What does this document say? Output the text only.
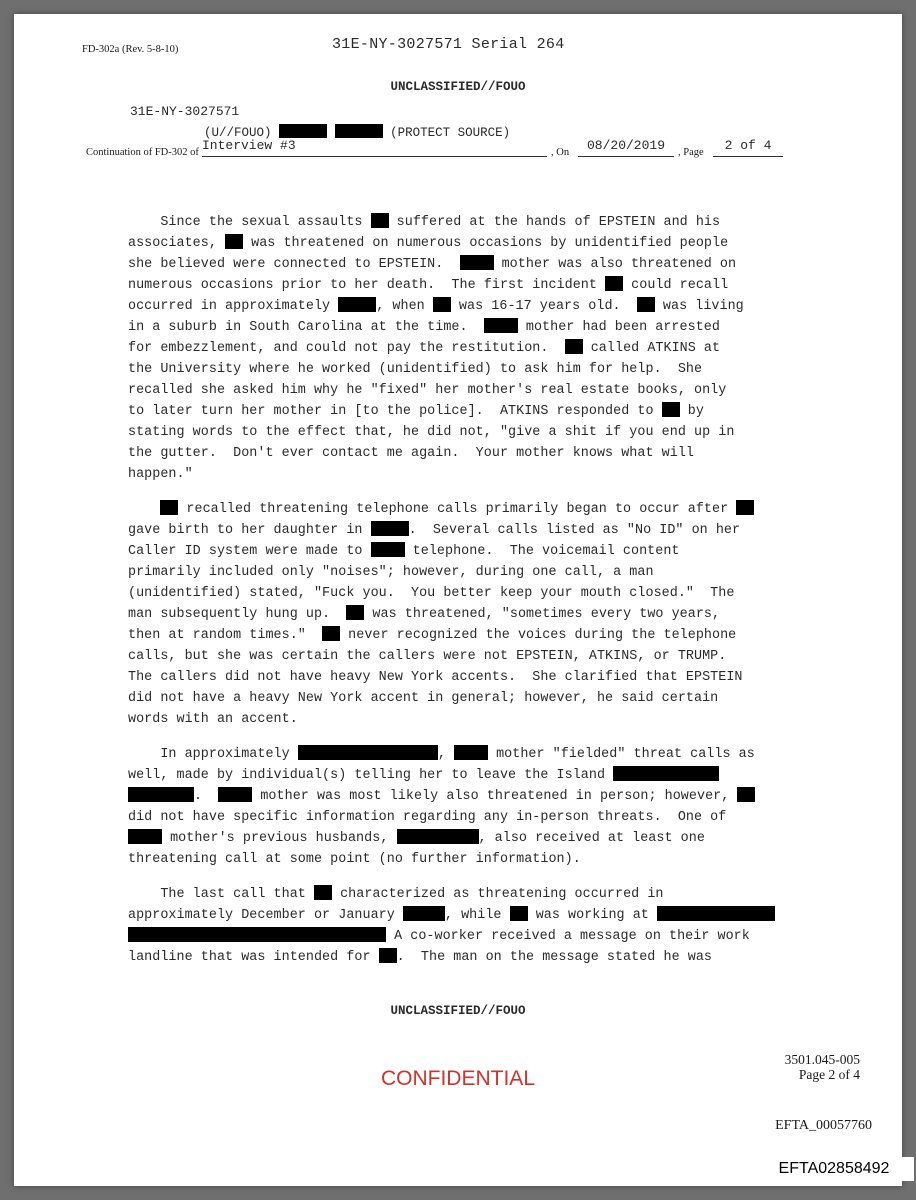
FD-302a (Rev. 5-8-10)	31E-NY-3027571 Serial 264
UNCLASSIFIED//FOUO
31E-NY-3027571
(U//FOUO)	(PROTECT SOURCE)
Continuation of FD-302 of Interview #3	, On	08/20/2019	, Page	2 of 4
Since the sexual assaults  suffered at the hands of EPSTEIN and his
associates,	was threatened on numerous occasions by unidentified people
she believed were connected to EPSTEIN.	mother was also threatened on
numerous occasions prior to her death.  The first incident	could recall
occurred in approximately	, when  was 16-17 years old.   was living
in a suburb in South Carolina at the time.	mother had been arrested
for embezzlement, and could not pay the restitution.	called ATKINS at
the University where he worked (unidentified) to ask him for help.  She
recalled she asked him why he "fixed" her mother's real estate books, only
to later turn her mother in [to the police].  ATKINS responded to	by
stating words to the effect that, he did not, "give a shit if you end up in
the gutter.  Don't ever contact me again.  Your mother knows what will
happen."
recalled threatening telephone calls primarily began to occur after
gave birth to her daughter in	.  Several calls listed as "No ID" on her
Caller ID system were made to	telephone.  The voicemail content
primarily included only "noises"; however, during one call, a man
(unidentified) stated, "Fuck you.  You better keep your mouth closed."  The
man subsequently hung up.	was threatened, "sometimes every two years,
then at random times."	never recognized the voices during the telephone
calls, but she was certain the callers were not EPSTEIN, ATKINS, or TRUMP.
The callers did not have heavy New York accents.  She clarified that EPSTEIN
did not have a heavy New York accent in general; however, he said certain
words with an accent.
In approximately	,	mother "fielded" threat calls as
well, made by individual(s) telling her to leave the Island
.	mother was most likely also threatened in person; however,
did not have specific information regarding any in-person threats.  One of
mother's previous husbands,	, also received at least one
threatening call at some point (no further information).
The last call that  characterized as threatening occurred in
approximately December or January	, while  was working at
A co-worker received a message on their work
landline that was intended for .  The man on the message stated he was
UNCLASSIFIED//FOUO
CONFIDENTIAL
3501.045-005
Page 2 of 4
EFTA_00057760
EFTA02858492
